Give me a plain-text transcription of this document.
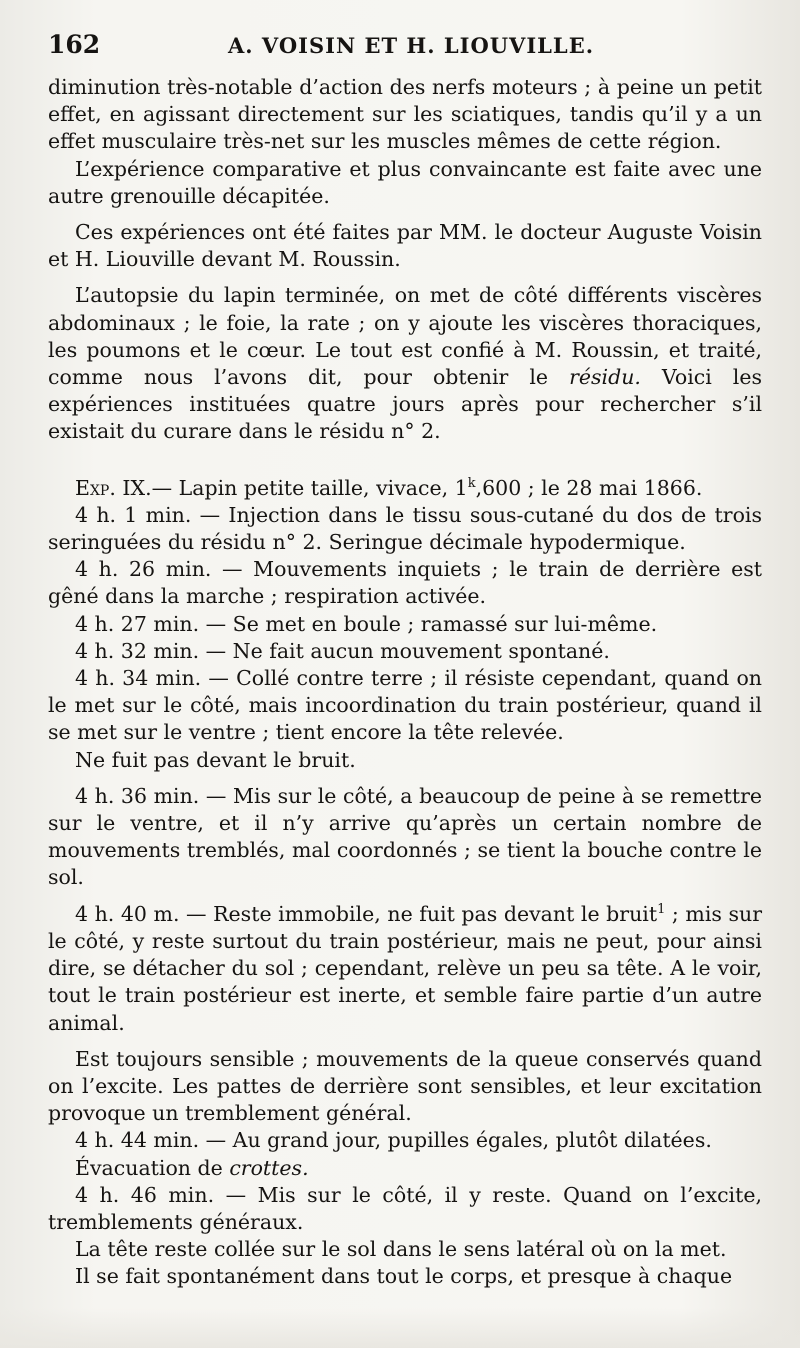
162	A. VOISIN ET H. LIOUVILLE.

diminution très-notable d’action des nerfs moteurs ; à peine un petit effet, en agissant directement sur les sciatiques, tandis qu’il y a un effet musculaire très-net sur les muscles mêmes de cette région.

L’expérience comparative et plus convaincante est faite avec une autre grenouille décapitée.

Ces expériences ont été faites par MM. le docteur Auguste Voisin et H. Liouville devant M. Roussin.

L’autopsie du lapin terminée, on met de côté différents viscères abdominaux ; le foie, la rate ; on y ajoute les viscères thoraciques, les poumons et le cœur. Le tout est confié à M. Roussin, et traité, comme nous l’avons dit, pour obtenir le résidu. Voici les expériences instituées quatre jours après pour rechercher s’il existait du curare dans le résidu n° 2.

Exp. IX.— Lapin petite taille, vivace, 1$^k$,600 ; le 28 mai 1866.

4 h. 1 min. — Injection dans le tissu sous-cutané du dos de trois seringuées du résidu n° 2. Seringue décimale hypodermique.

4 h. 26 min. — Mouvements inquiets ; le train de derrière est gêné dans la marche ; respiration activée.

4 h. 27 min. — Se met en boule ; ramassé sur lui-même.

4 h. 32 min. — Ne fait aucun mouvement spontané.

4 h. 34 min. — Collé contre terre ; il résiste cependant, quand on le met sur le côté, mais incoordination du train postérieur, quand il se met sur le ventre ; tient encore la tête relevée.

Ne fuit pas devant le bruit.

4 h. 36 min. — Mis sur le côté, a beaucoup de peine à se remettre sur le ventre, et il n’y arrive qu’après un certain nombre de mouvements tremblés, mal coordonnés ; se tient la bouche contre le sol.

4 h. 40 m. — Reste immobile, ne fuit pas devant le bruit$^1$ ; mis sur le côté, y reste surtout du train postérieur, mais ne peut, pour ainsi dire, se détacher du sol ; cependant, relève un peu sa tête. A le voir, tout le train postérieur est inerte, et semble faire partie d’un autre animal.

Est toujours sensible ; mouvements de la queue conservés quand on l’excite. Les pattes de derrière sont sensibles, et leur excitation provoque un tremblement général.

4 h. 44 min. — Au grand jour, pupilles égales, plutôt dilatées.

Évacuation de crottes.

4 h. 46 min. — Mis sur le côté, il y reste. Quand on l’excite, tremblements généraux.

La tête reste collée sur le sol dans le sens latéral où on la met.

Il se fait spontanément dans tout le corps, et presque à chaque
